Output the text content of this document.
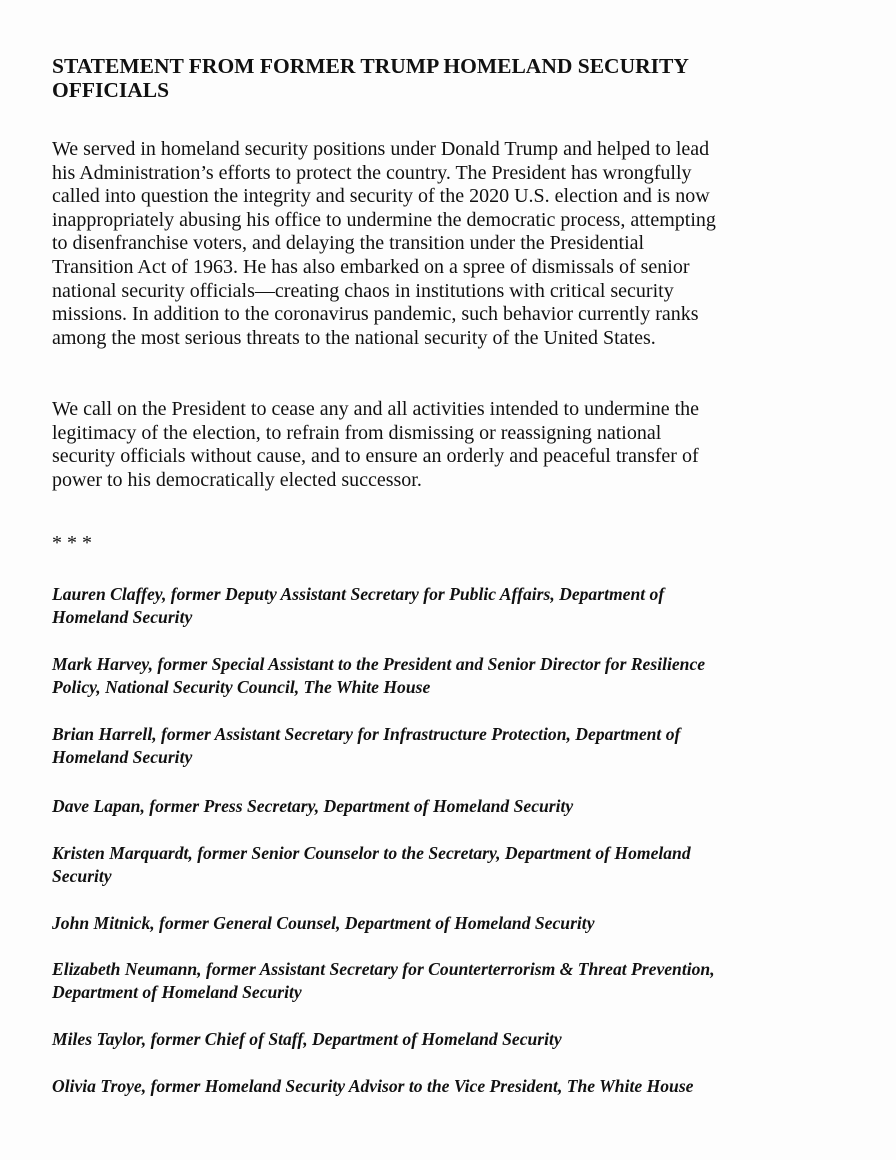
STATEMENT FROM FORMER TRUMP HOMELAND SECURITY
OFFICIALS
We served in homeland security positions under Donald Trump and helped to lead
his Administration’s efforts to protect the country. The President has wrongfully
called into question the integrity and security of the 2020 U.S. election and is now
inappropriately abusing his office to undermine the democratic process, attempting
to disenfranchise voters, and delaying the transition under the Presidential
Transition Act of 1963. He has also embarked on a spree of dismissals of senior
national security officials—creating chaos in institutions with critical security
missions. In addition to the coronavirus pandemic, such behavior currently ranks
among the most serious threats to the national security of the United States.
We call on the President to cease any and all activities intended to undermine the
legitimacy of the election, to refrain from dismissing or reassigning national
security officials without cause, and to ensure an orderly and peaceful transfer of
power to his democratically elected successor.
* * *
Lauren Claffey, former Deputy Assistant Secretary for Public Affairs, Department of
Homeland Security
Mark Harvey, former Special Assistant to the President and Senior Director for Resilience
Policy, National Security Council, The White House
Brian Harrell, former Assistant Secretary for Infrastructure Protection, Department of
Homeland Security
Dave Lapan, former Press Secretary, Department of Homeland Security
Kristen Marquardt, former Senior Counselor to the Secretary, Department of Homeland
Security
John Mitnick, former General Counsel, Department of Homeland Security
Elizabeth Neumann, former Assistant Secretary for Counterterrorism & Threat Prevention,
Department of Homeland Security
Miles Taylor, former Chief of Staff, Department of Homeland Security
Olivia Troye, former Homeland Security Advisor to the Vice President, The White House
